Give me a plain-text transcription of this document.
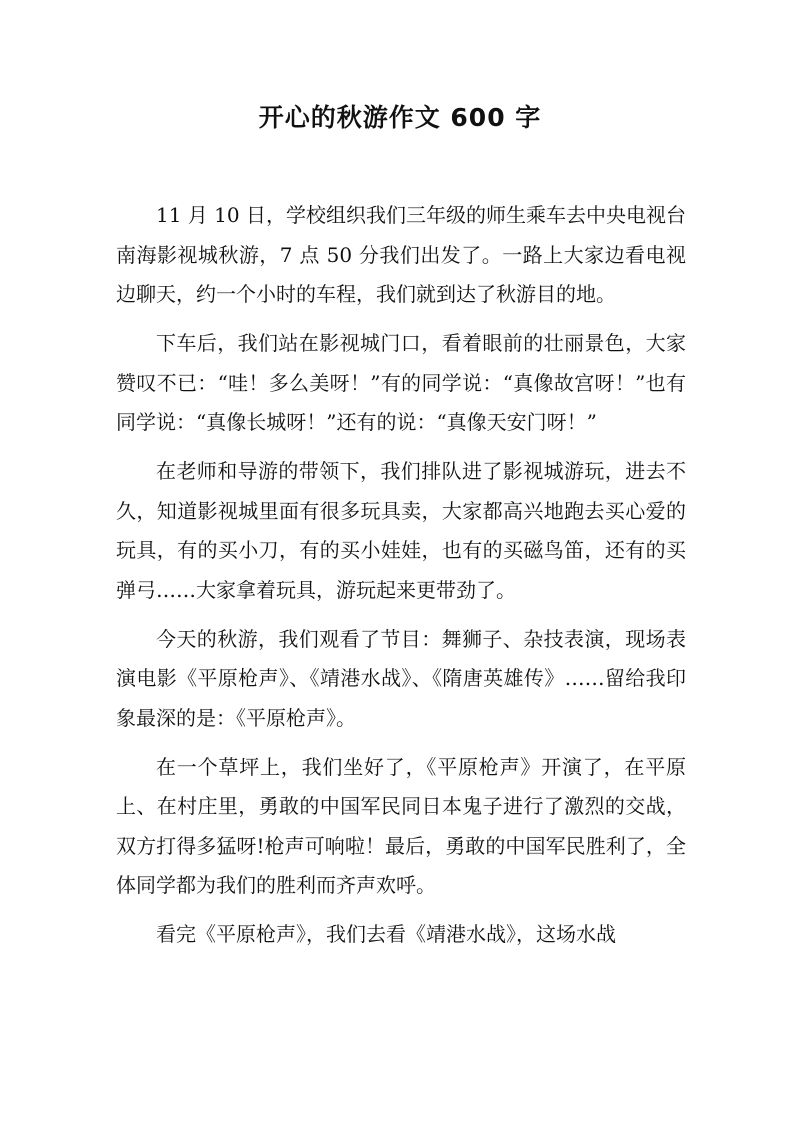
开心的秋游作文 600 字

11 月 10 日，学校组织我们三年级的师生乘车去中央电视台南海影视城秋游，7 点 50 分我们出发了。一路上大家边看电视边聊天，约一个小时的车程，我们就到达了秋游目的地。

下车后，我们站在影视城门口，看着眼前的壮丽景色，大家赞叹不已：“哇！多么美呀！”有的同学说：“真像故宫呀！”也有同学说：“真像长城呀！”还有的说：“真像天安门呀！”

在老师和导游的带领下，我们排队进了影视城游玩，进去不久，知道影视城里面有很多玩具卖，大家都高兴地跑去买心爱的玩具，有的买小刀，有的买小娃娃，也有的买磁鸟笛，还有的买弹弓……大家拿着玩具，游玩起来更带劲了。

今天的秋游，我们观看了节目：舞狮子、杂技表演，现场表演电影《平原枪声》、《靖港水战》、《隋唐英雄传》……留给我印象最深的是：《平原枪声》。

在一个草坪上，我们坐好了，《平原枪声》开演了，在平原上、在村庄里，勇敢的中国军民同日本鬼子进行了激烈的交战，双方打得多猛呀!枪声可响啦！最后，勇敢的中国军民胜利了，全体同学都为我们的胜利而齐声欢呼。

看完《平原枪声》，我们去看《靖港水战》，这场水战
